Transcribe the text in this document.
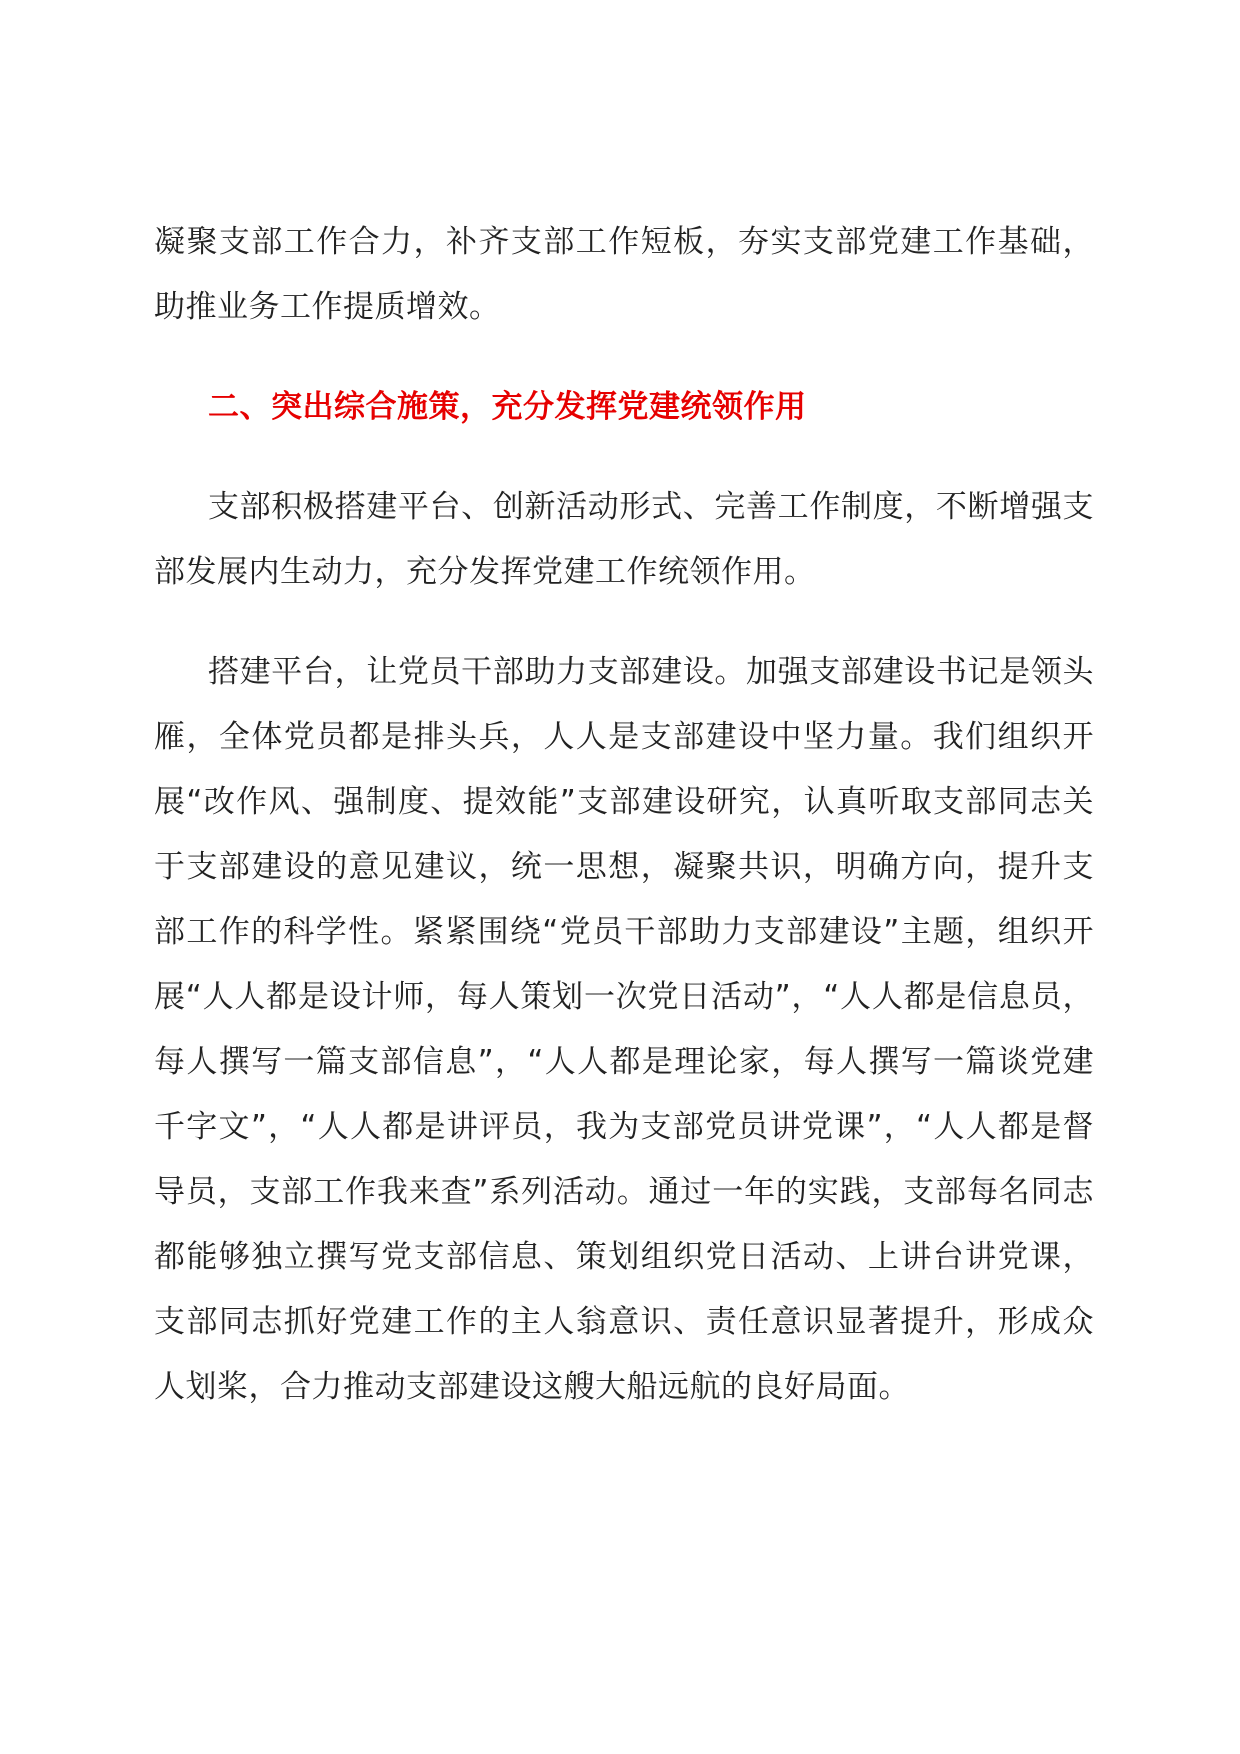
凝聚支部工作合力，补齐支部工作短板，夯实支部党建工作基础，助推业务工作提质增效。

二、突出综合施策，充分发挥党建统领作用

支部积极搭建平台、创新活动形式、完善工作制度，不断增强支部发展内生动力，充分发挥党建工作统领作用。

搭建平台，让党员干部助力支部建设。加强支部建设书记是领头雁，全体党员都是排头兵，人人是支部建设中坚力量。我们组织开展“改作风、强制度、提效能”支部建设研究，认真听取支部同志关于支部建设的意见建议，统一思想，凝聚共识，明确方向，提升支部工作的科学性。紧紧围绕“党员干部助力支部建设”主题，组织开展“人人都是设计师，每人策划一次党日活动”，“人人都是信息员，每人撰写一篇支部信息”，“人人都是理论家，每人撰写一篇谈党建千字文”，“人人都是讲评员，我为支部党员讲党课”，“人人都是督导员，支部工作我来查”系列活动。通过一年的实践，支部每名同志都能够独立撰写党支部信息、策划组织党日活动、上讲台讲党课，支部同志抓好党建工作的主人翁意识、责任意识显著提升，形成众人划桨，合力推动支部建设这艘大船远航的良好局面。
